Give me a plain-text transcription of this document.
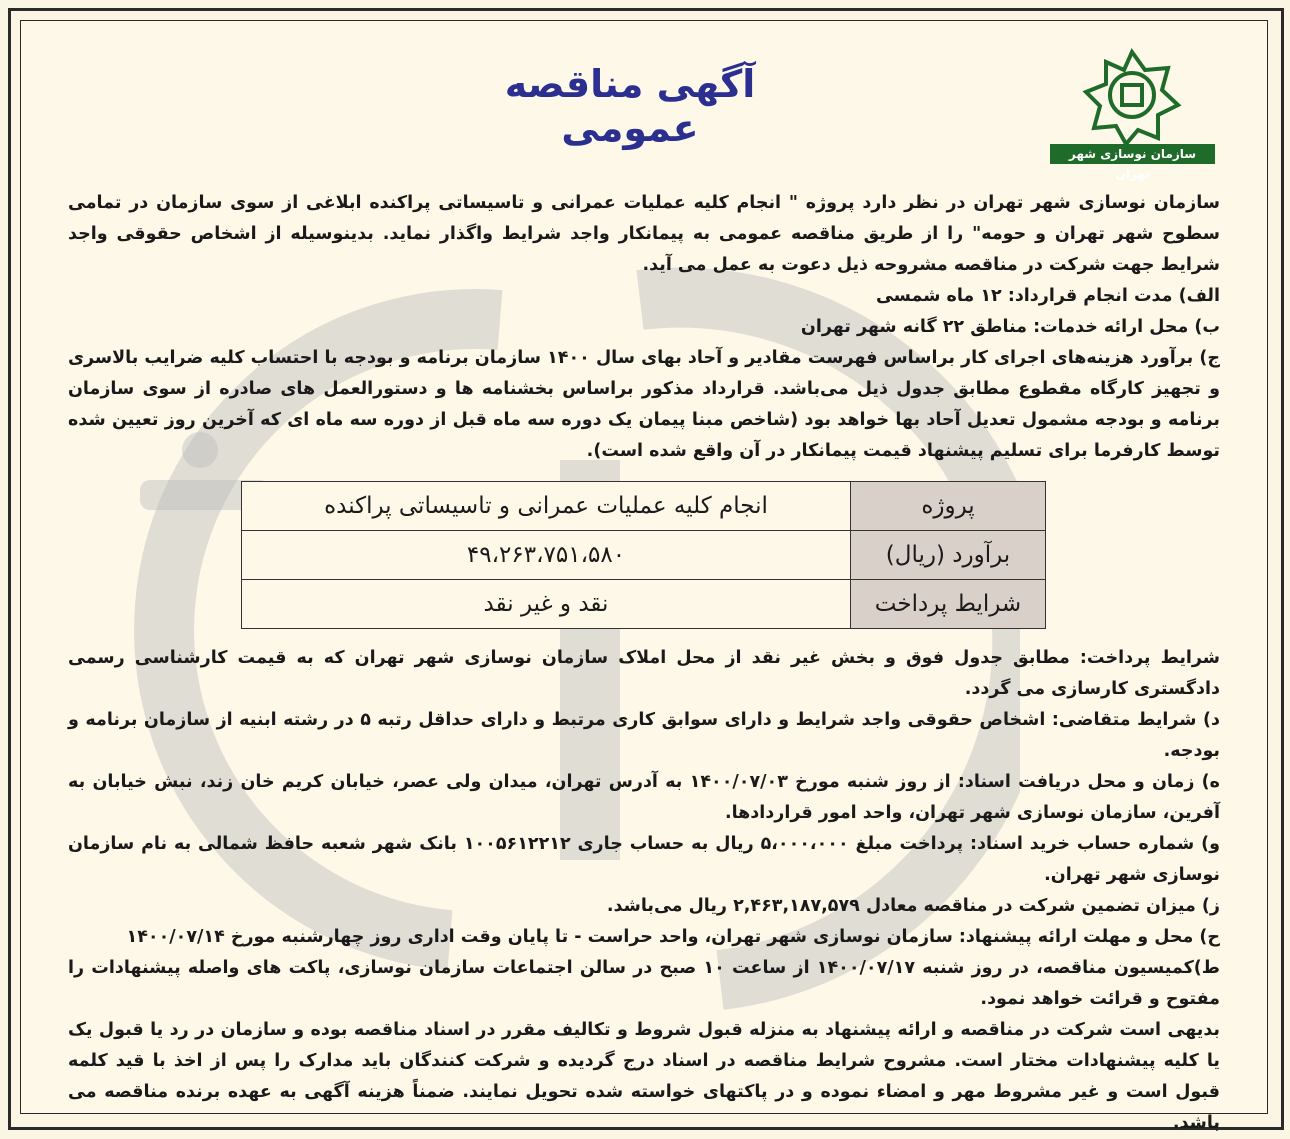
آگهی مناقصه عمومی
سازمان نوسازی شهر تهران

سازمان نوسازی شهر تهران در نظر دارد پروژه " انجام کلیه عملیات عمرانی و تاسیساتی پراکنده ابلاغی از سوی سازمان در تمامی سطوح شهر تهران و حومه" را از طریق مناقصه عمومی به پیمانکار واجد شرایط واگذار نماید. بدینوسیله از اشخاص حقوقی واجد شرایط جهت شرکت در مناقصه مشروحه ذیل دعوت به عمل می آید.

الف) مدت انجام قرارداد: ۱۲ ماه شمسی

ب) محل ارائه خدمات: مناطق ۲۲ گانه شهر تهران

ج) برآورد هزینه‌های اجرای کار براساس فهرست مقادیر و آحاد بهای سال ۱۴۰۰ سازمان برنامه و بودجه با احتساب کلیه ضرایب بالاسری و تجهیز کارگاه مقطوع مطابق جدول ذیل می‌باشد. قرارداد مذکور براساس بخشنامه ها و دستورالعمل های صادره از سوی سازمان برنامه و بودجه مشمول تعدیل آحاد بها خواهد بود (شاخص مبنا پیمان یک دوره سه ماه قبل از دوره سه ماه ای که آخرین روز تعیین شده توسط کارفرما برای تسلیم پیشنهاد قیمت پیمانکار در آن واقع شده است).

پروژه	انجام کلیه عملیات عمرانی و تاسیساتی پراکنده
برآورد (ریال)	۴۹،۲۶۳،۷۵۱،۵۸۰
شرایط پرداخت	نقد و غیر نقد

شرایط پرداخت: مطابق جدول فوق و بخش غیر نقد از محل املاک سازمان نوسازی شهر تهران که به قیمت کارشناسی رسمی دادگستری کارسازی می گردد.

د) شرایط متقاضی: اشخاص حقوقی واجد شرایط و دارای سوابق کاری مرتبط و دارای حداقل رتبه ۵ در رشته ابنیه از سازمان برنامه و بودجه.

ه) زمان و محل دریافت اسناد: از روز شنبه مورخ ۱۴۰۰/۰۷/۰۳ به آدرس تهران، میدان ولی عصر، خیابان کریم خان زند، نبش خیابان به آفرین، سازمان نوسازی شهر تهران، واحد امور قراردادها.

و) شماره حساب خرید اسناد: پرداخت مبلغ ۵،۰۰۰،۰۰۰ ریال به حساب جاری ۱۰۰۵۶۱۲۲۱۲ بانک شهر شعبه حافظ شمالی به نام سازمان نوسازی شهر تهران.

ز) میزان تضمین شرکت در مناقصه معادل ۲,۴۶۳,۱۸۷,۵۷۹ ریال می‌باشد.

ح) محل و مهلت ارائه پیشنهاد: سازمان نوسازی شهر تهران، واحد حراست - تا پایان وقت اداری روز چهارشنبه مورخ ۱۴۰۰/۰۷/۱۴

ط)کمیسیون مناقصه، در روز شنبه ۱۴۰۰/۰۷/۱۷ از ساعت ۱۰ صبح در سالن اجتماعات سازمان نوسازی، پاکت های واصله پیشنهادات را مفتوح و قرائت خواهد نمود.

بدیهی است شرکت در مناقصه و ارائه پیشنهاد به منزله قبول شروط و تکالیف مقرر در اسناد مناقصه بوده و سازمان در رد یا قبول یک یا کلیه پیشنهادات مختار است. مشروح شرایط مناقصه در اسناد درج گردیده و شرکت کنندگان باید مدارک را پس از اخذ با قید کلمه قبول است و غیر مشروط مهر و امضاء نموده و در پاکتهای خواسته شده تحویل نمایند. ضمناً هزینه آگهی به عهده برنده مناقصه می باشد.
